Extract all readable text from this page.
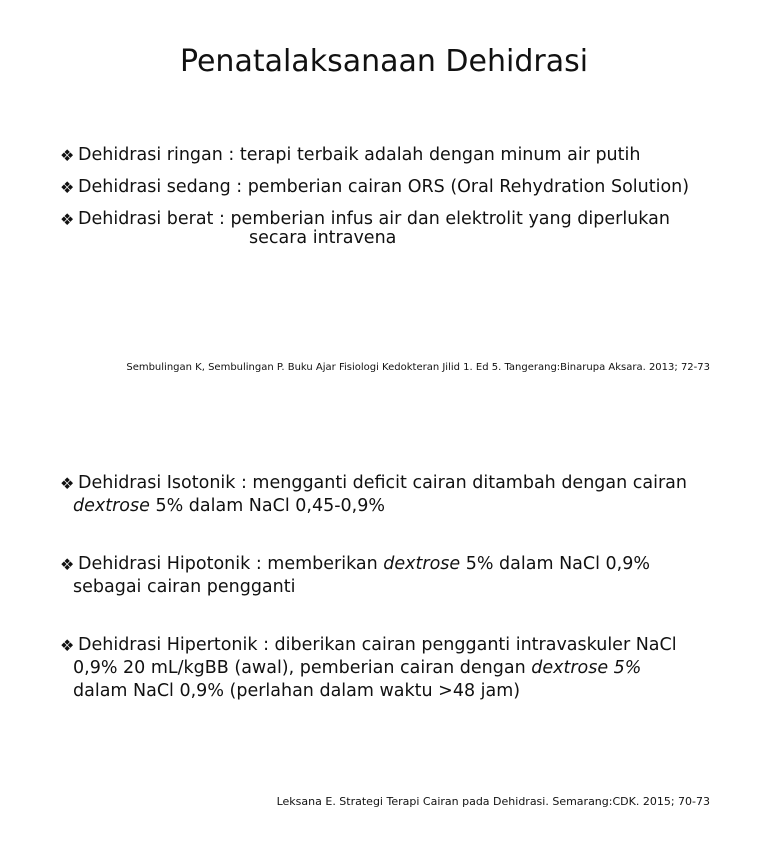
Penatalaksanaan Dehidrasi
❖ Dehidrasi ringan : terapi terbaik adalah dengan minum air putih
❖ Dehidrasi sedang : pemberian cairan ORS (Oral Rehydration Solution)
❖ Dehidrasi berat : pemberian infus air dan elektrolit yang diperlukan
secara intravena
Sembulingan K, Sembulingan P. Buku Ajar Fisiologi Kedokteran Jilid 1. Ed 5. Tangerang:Binarupa Aksara. 2013; 72-73
❖ Dehidrasi Isotonik : mengganti deficit cairan ditambah dengan cairan
dextrose 5% dalam NaCl 0,45-0,9%
❖ Dehidrasi Hipotonik : memberikan dextrose 5% dalam NaCl 0,9%
sebagai cairan pengganti
❖ Dehidrasi Hipertonik : diberikan cairan pengganti intravaskuler NaCl
0,9% 20 mL/kgBB (awal), pemberian cairan dengan dextrose 5%
dalam NaCl 0,9% (perlahan dalam waktu >48 jam)
Leksana E. Strategi Terapi Cairan pada Dehidrasi. Semarang:CDK. 2015; 70-73
